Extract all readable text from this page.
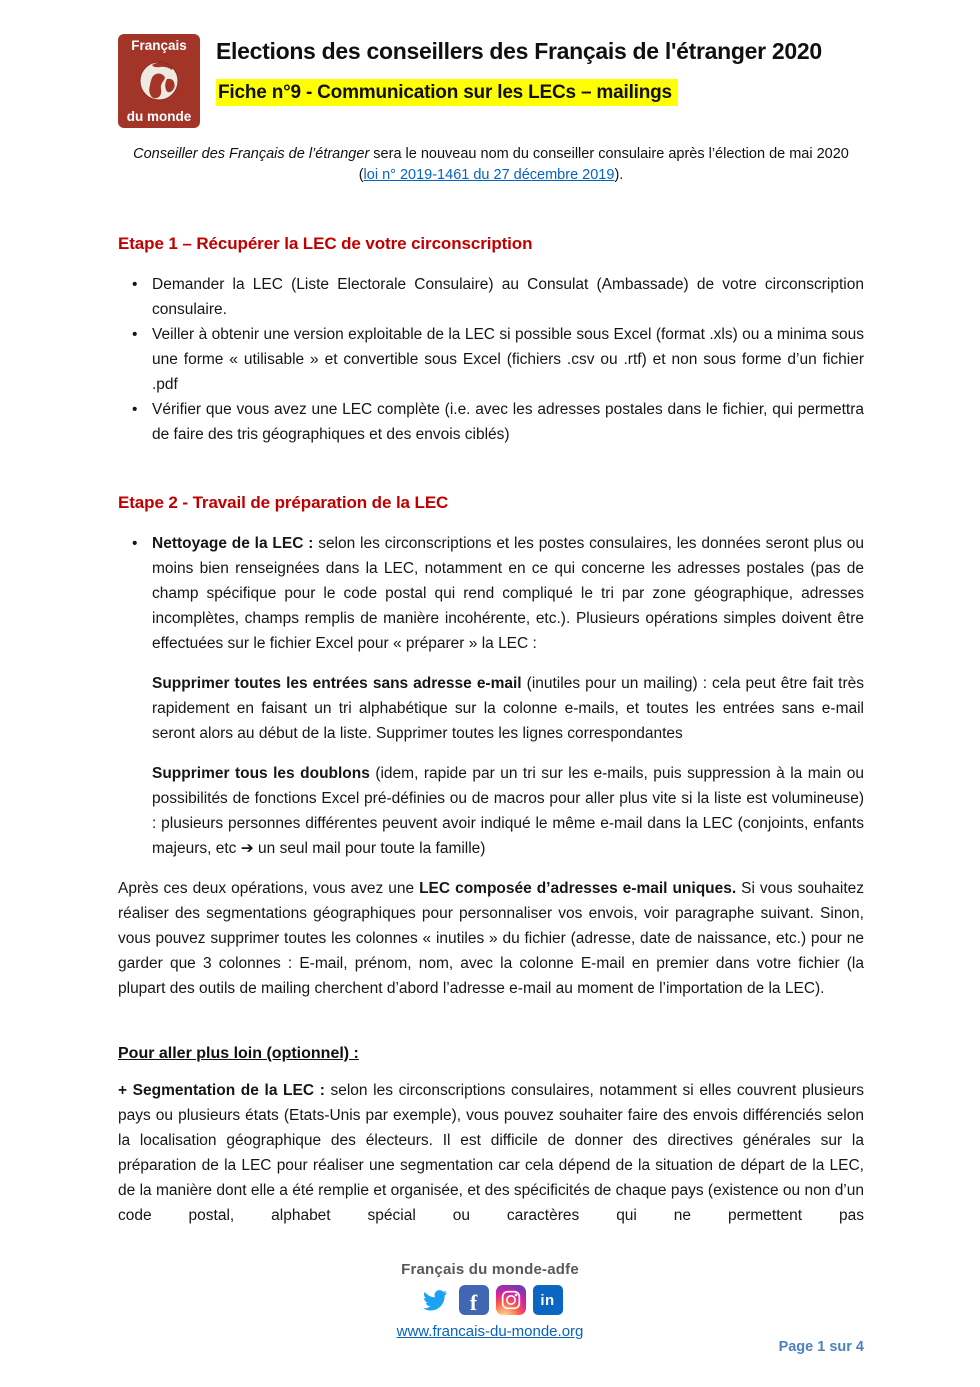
Français
du monde
Elections des conseillers des Français de l'étranger 2020
Fiche n°9 - Communication sur les LECs – mailings

Conseiller des Français de l’étranger sera le nouveau nom du conseiller consulaire après l’élection de mai 2020
(loi n° 2019-1461 du 27 décembre 2019).

Etape 1 – Récupérer la LEC de votre circonscription
• Demander la LEC (Liste Electorale Consulaire) au Consulat (Ambassade) de votre circonscription consulaire.
• Veiller à obtenir une version exploitable de la LEC si possible sous Excel (format .xls) ou a minima sous une forme « utilisable » et convertible sous Excel (fichiers .csv ou .rtf) et non sous forme d’un fichier .pdf
• Vérifier que vous avez une LEC complète (i.e. avec les adresses postales dans le fichier, qui permettra de faire des tris géographiques et des envois ciblés)
Etape 2 - Travail de préparation de la LEC
• Nettoyage de la LEC : selon les circonscriptions et les postes consulaires, les données seront plus ou moins bien renseignées dans la LEC, notamment en ce qui concerne les adresses postales (pas de champ spécifique pour le code postal qui rend compliqué le tri par zone géographique, adresses incomplètes, champs remplis de manière incohérente, etc.). Plusieurs opérations simples doivent être effectuées sur le fichier Excel pour « préparer » la LEC :

Supprimer toutes les entrées sans adresse e-mail (inutiles pour un mailing) : cela peut être fait très rapidement en faisant un tri alphabétique sur la colonne e-mails, et toutes les entrées sans e-mail seront alors au début de la liste. Supprimer toutes les lignes correspondantes

Supprimer tous les doublons (idem, rapide par un tri sur les e-mails, puis suppression à la main ou possibilités de fonctions Excel pré-définies ou de macros pour aller plus vite si la liste est volumineuse) : plusieurs personnes différentes peuvent avoir indiqué le même e-mail dans la LEC (conjoints, enfants majeurs, etc ➔ un seul mail pour toute la famille)

Après ces deux opérations, vous avez une LEC composée d’adresses e-mail uniques. Si vous souhaitez réaliser des segmentations géographiques pour personnaliser vos envois, voir paragraphe suivant. Sinon, vous pouvez supprimer toutes les colonnes « inutiles » du fichier (adresse, date de naissance, etc.) pour ne garder que 3 colonnes : E-mail, prénom, nom, avec la colonne E-mail en premier dans votre fichier (la plupart des outils de mailing cherchent d’abord l’adresse e-mail au moment de l’importation de la LEC).

Pour aller plus loin (optionnel) :

+ Segmentation de la LEC : selon les circonscriptions consulaires, notamment si elles couvrent plusieurs pays ou plusieurs états (Etats-Unis par exemple), vous pouvez souhaiter faire des envois différenciés selon la localisation géographique des électeurs. Il est difficile de donner des directives générales sur la préparation de la LEC pour réaliser une segmentation car cela dépend de la situation de départ de la LEC, de la manière dont elle a été remplie et organisée, et des spécificités de chaque pays (existence ou non d’un code postal, alphabet spécial ou caractères qui ne permettent pas

Français du monde-adfe
f	in
www.francais-du-monde.org
Page 1 sur 4
